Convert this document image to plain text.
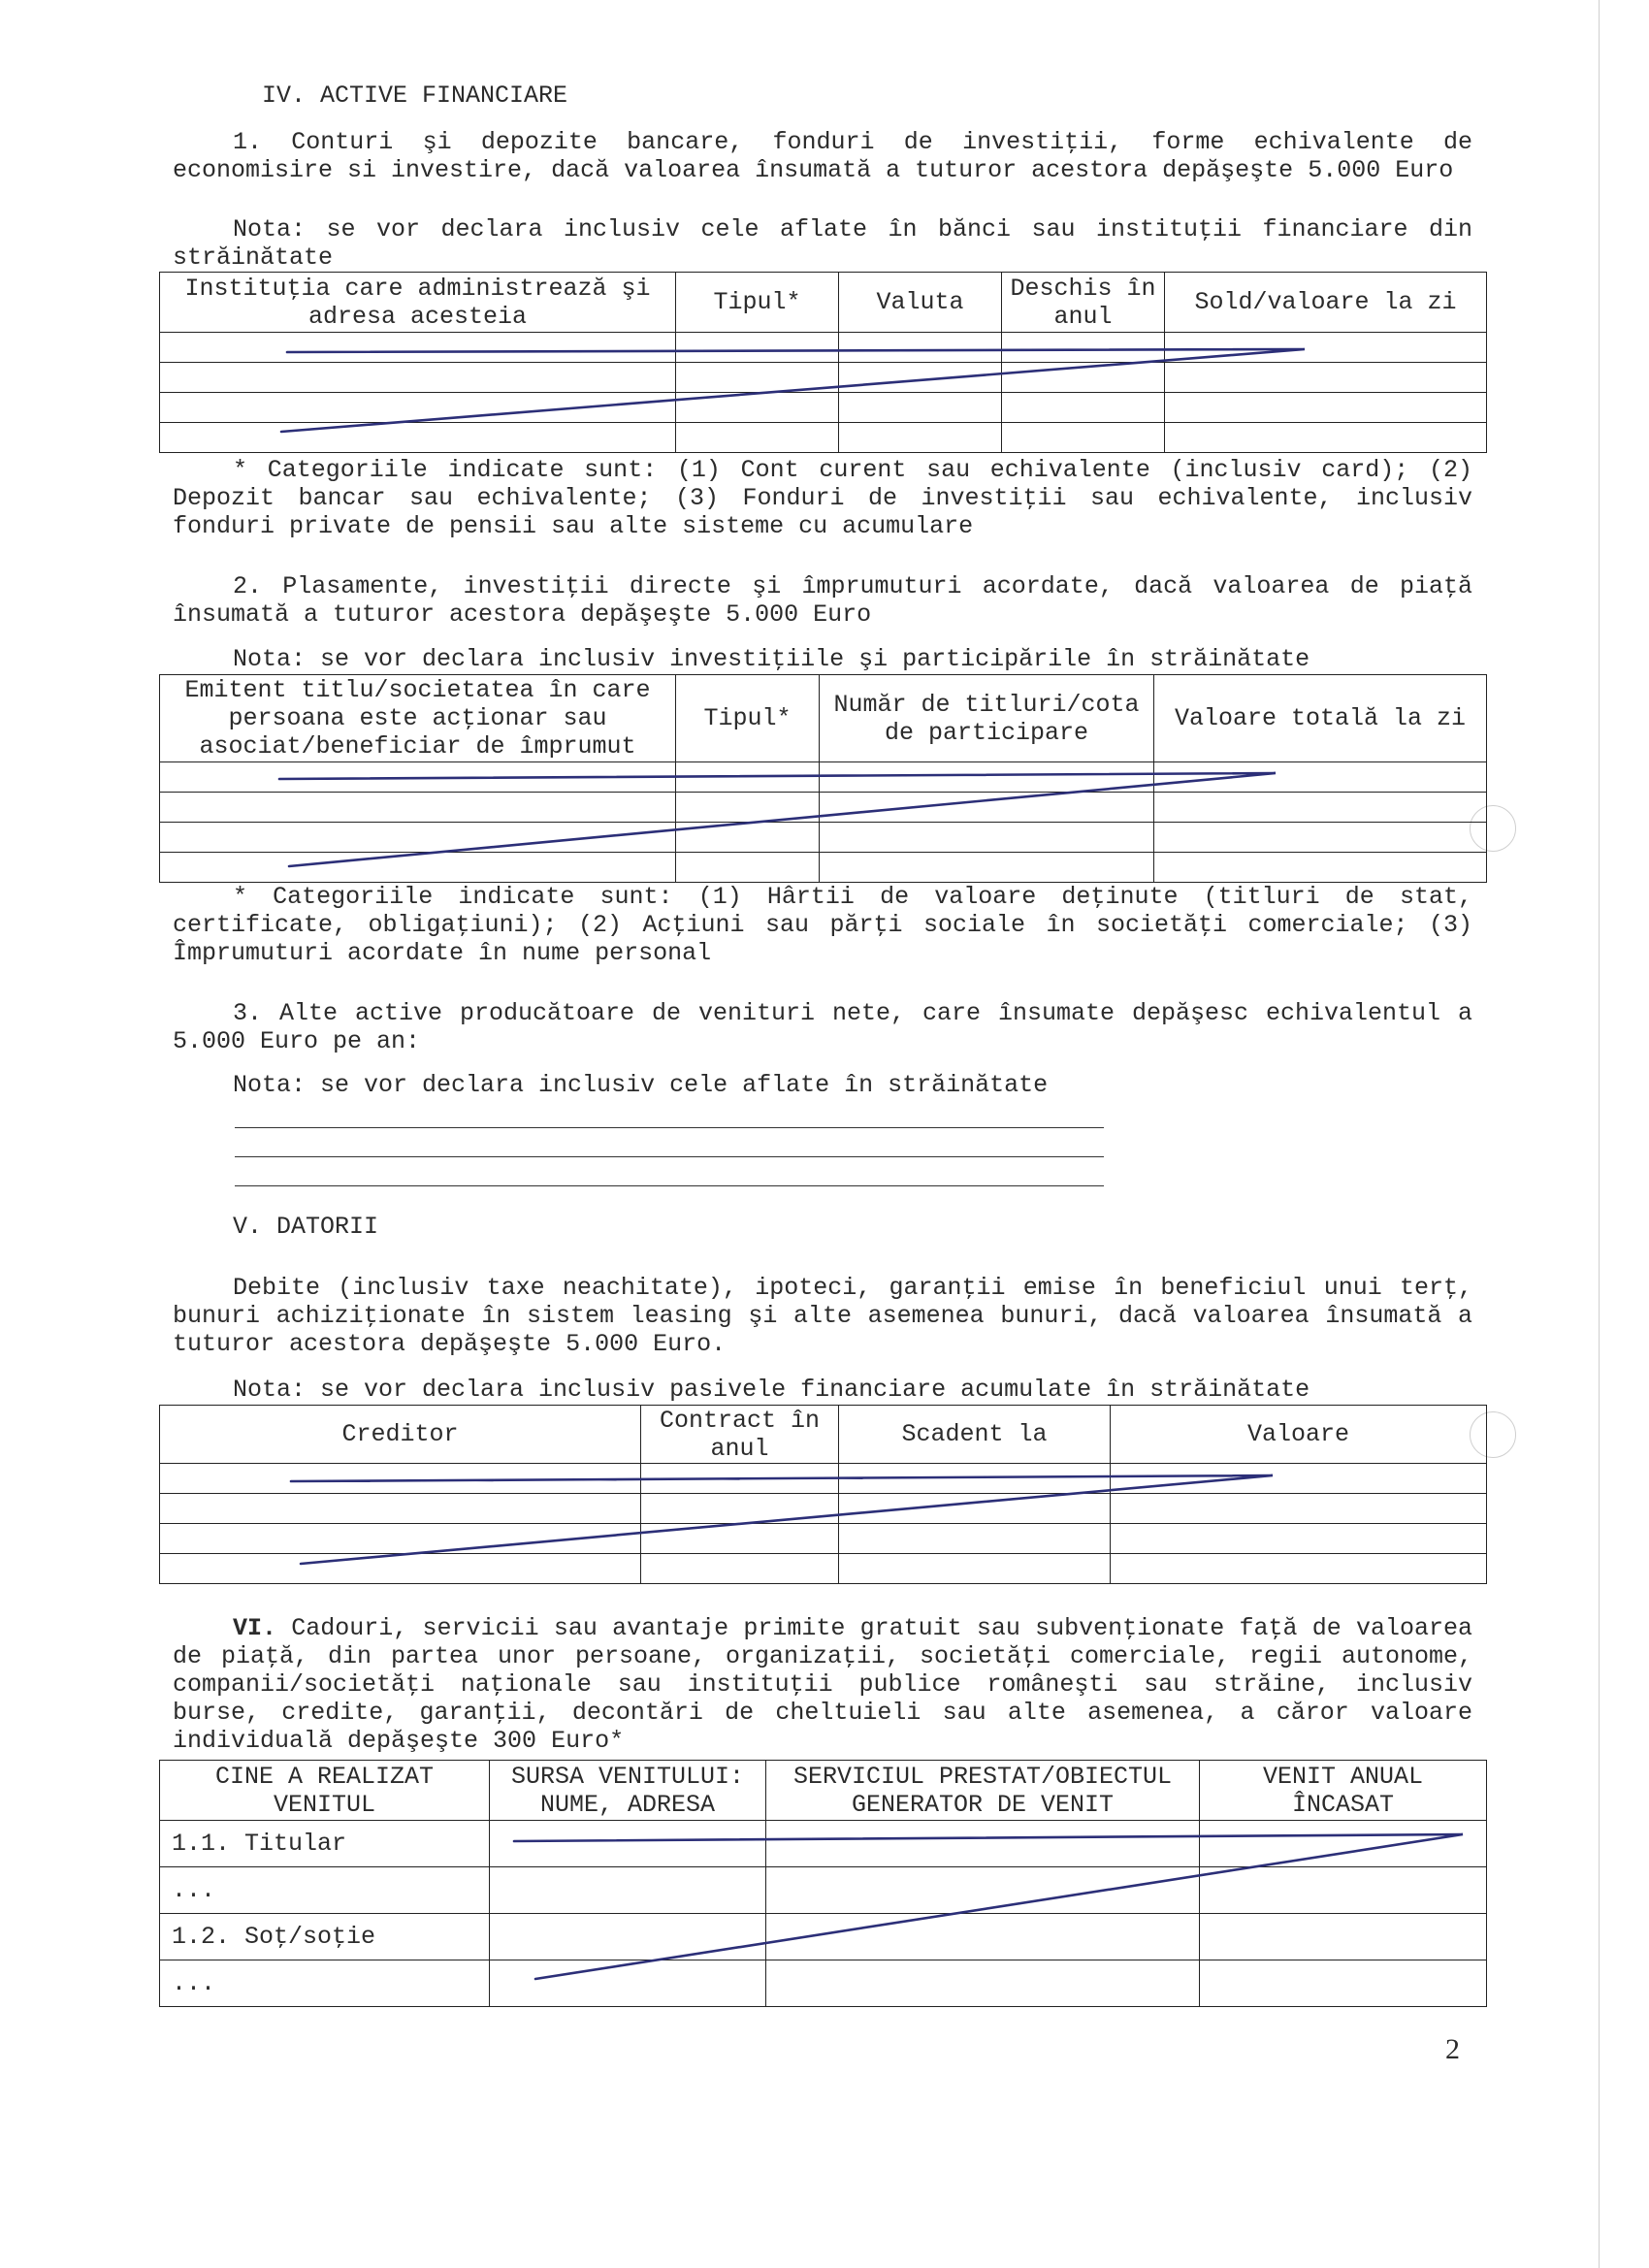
IV. ACTIVE FINANCIARE
1. Conturi şi depozite bancare, fonduri de investiţii, forme echivalente de economisire si investire, dacă valoarea însumată a tuturor acestora depăşeşte 5.000 Euro
Nota: se vor declara inclusiv cele aflate în bănci sau instituţii financiare din străinătate
Instituţia care administrează şi adresa acesteia	Tipul*	Valuta	Deschis în anul	Sold/valoare la zi

* Categoriile indicate sunt: (1) Cont curent sau echivalente (inclusiv card); (2) Depozit bancar sau echivalente; (3) Fonduri de investiţii sau echivalente, inclusiv fonduri private de pensii sau alte sisteme cu acumulare
2. Plasamente, investiţii directe şi împrumuturi acordate, dacă valoarea de piaţă însumată a tuturor acestora depăşeşte 5.000 Euro
Nota: se vor declara inclusiv investiţiile şi participările în străinătate
Emitent titlu/societatea în care persoana este acţionar sau asociat/beneficiar de împrumut	Tipul*	Număr de titluri/cota de participare	Valoare totală la zi

* Categoriile indicate sunt: (1) Hârtii de valoare deţinute (titluri de stat, certificate, obligaţiuni); (2) Acţiuni sau părţi sociale în societăţi comerciale; (3) Împrumuturi acordate în nume personal
3. Alte active producătoare de venituri nete, care însumate depăşesc echivalentul a 5.000 Euro pe an:
Nota: se vor declara inclusiv cele aflate în străinătate
V. DATORII
Debite (inclusiv taxe neachitate), ipoteci, garanţii emise în beneficiul unui terţ, bunuri achiziţionate în sistem leasing şi alte asemenea bunuri, dacă valoarea însumată a tuturor acestora depăşeşte 5.000 Euro.
Nota: se vor declara inclusiv pasivele financiare acumulate în străinătate
Creditor	Contract în anul	Scadent la	Valoare

VI. Cadouri, servicii sau avantaje primite gratuit sau subvenţionate faţă de valoarea de piaţă, din partea unor persoane, organizaţii, societăţi comerciale, regii autonome, companii/societăţi naţionale sau instituţii publice româneşti sau străine, inclusiv burse, credite, garanţii, decontări de cheltuieli sau alte asemenea, a căror valoare individuală depăşeşte 300 Euro*
CINE A REALIZAT VENITUL	SURSA VENITULUI: NUME, ADRESA	SERVICIUL PRESTAT/OBIECTUL GENERATOR DE VENIT	VENIT ANUAL ÎNCASAT
1.1. Titular			
...			
1.2. Soţ/soţie			
...			
2
